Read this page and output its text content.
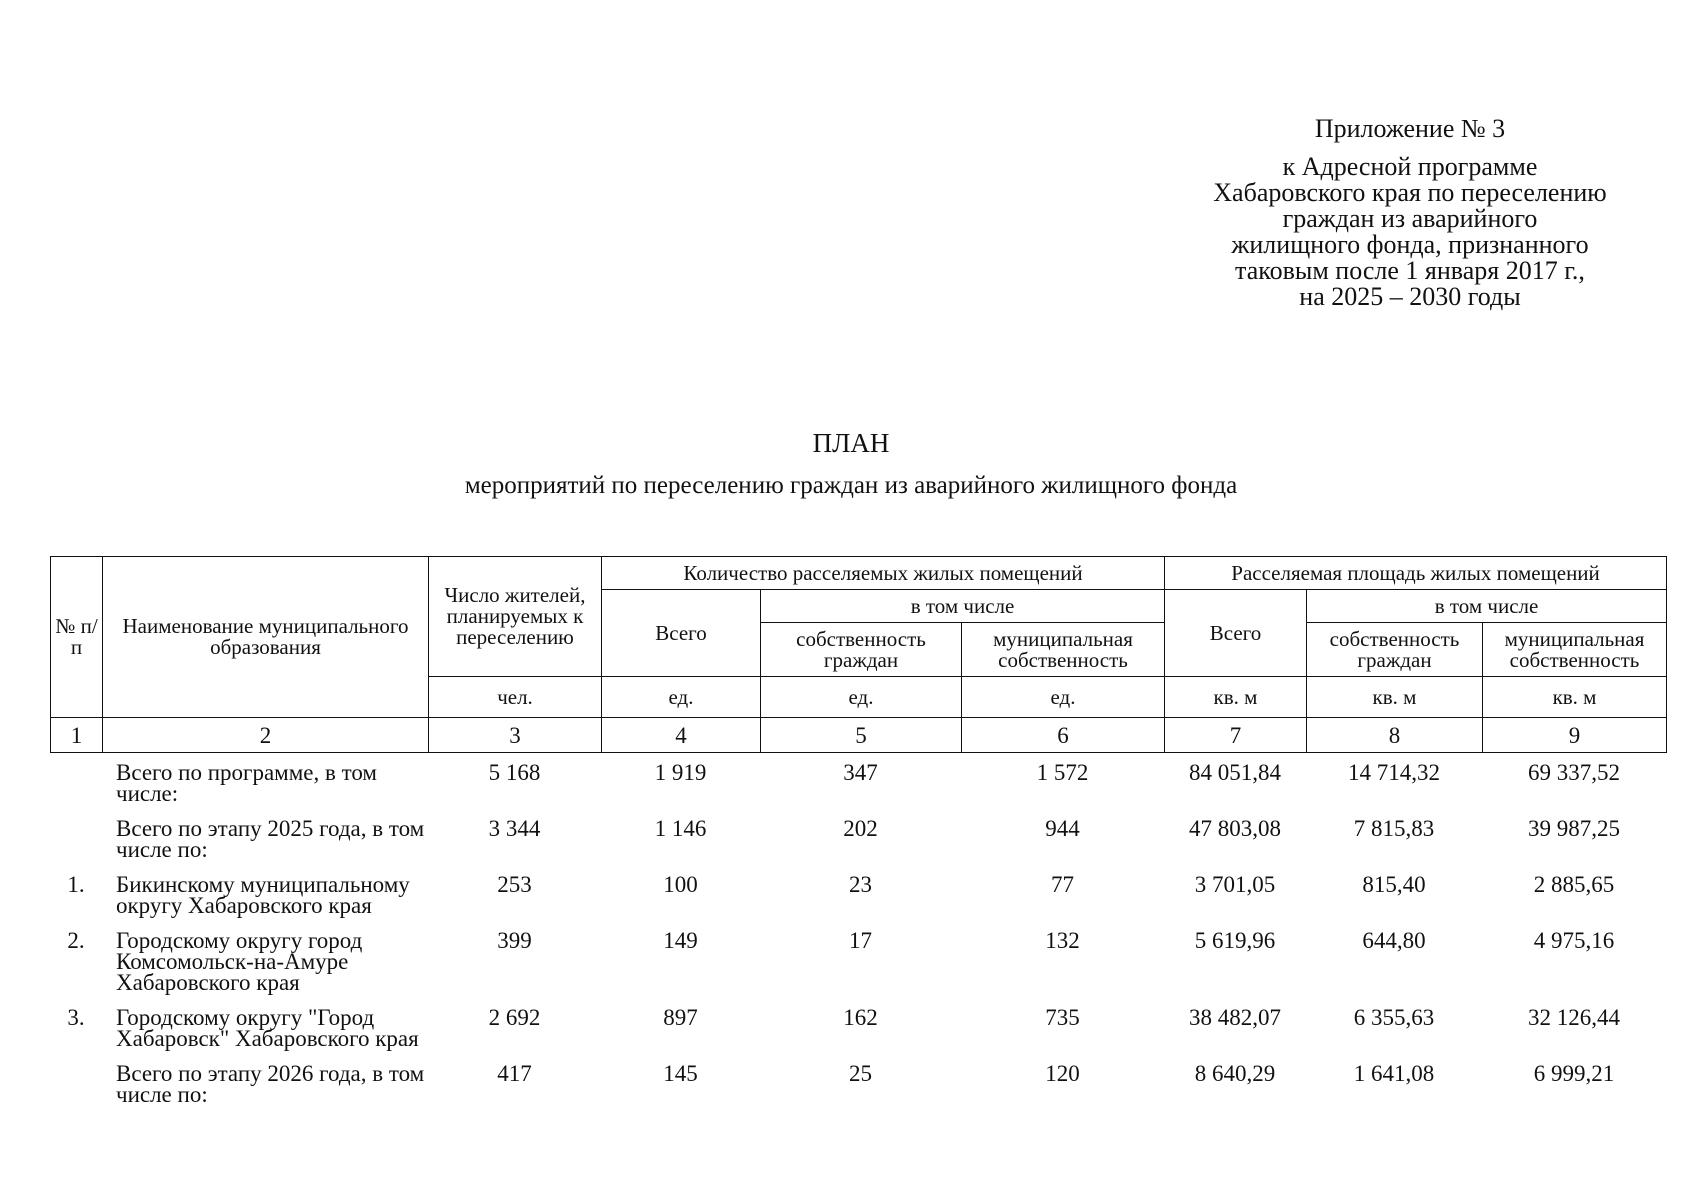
Приложение № 3
к Адресной программе
Хабаровского края по переселению
граждан из аварийного
жилищного фонда, признанного
таковым после 1 января 2017 г.,
на 2025 – 2030 годы
ПЛАН
мероприятий по переселению граждан из аварийного жилищного фонда
№ п/п	Наименование муниципального образования	Число жителей, планируемых к переселению	Количество расселяемых жилых помещений			Расселяемая площадь жилых помещений		
			Всего	в том числе		Всего	в том числе	
				собственность граждан	муниципальная собственность		собственность граждан	муниципальная собственность
		чел.	ед.	ед.	ед.	кв. м	кв. м	кв. м
1	2	3	4	5	6	7	8	9
	Всего по программе, в том числе:	5 168	1 919	347	1 572	84 051,84	14 714,32	69 337,52
	Всего по этапу 2025 года, в том числе по:	3 344	1 146	202	944	47 803,08	7 815,83	39 987,25
1.	Бикинскому муниципальному округу Хабаровского края	253	100	23	77	3 701,05	815,40	2 885,65
2.	Городскому округу город Комсомольск-на-Амуре Хабаровского края	399	149	17	132	5 619,96	644,80	4 975,16
3.	Городскому округу "Город Хабаровск" Хабаровского края	2 692	897	162	735	38 482,07	6 355,63	32 126,44
	Всего по этапу 2026 года, в том числе по:	417	145	25	120	8 640,29	1 641,08	6 999,21
